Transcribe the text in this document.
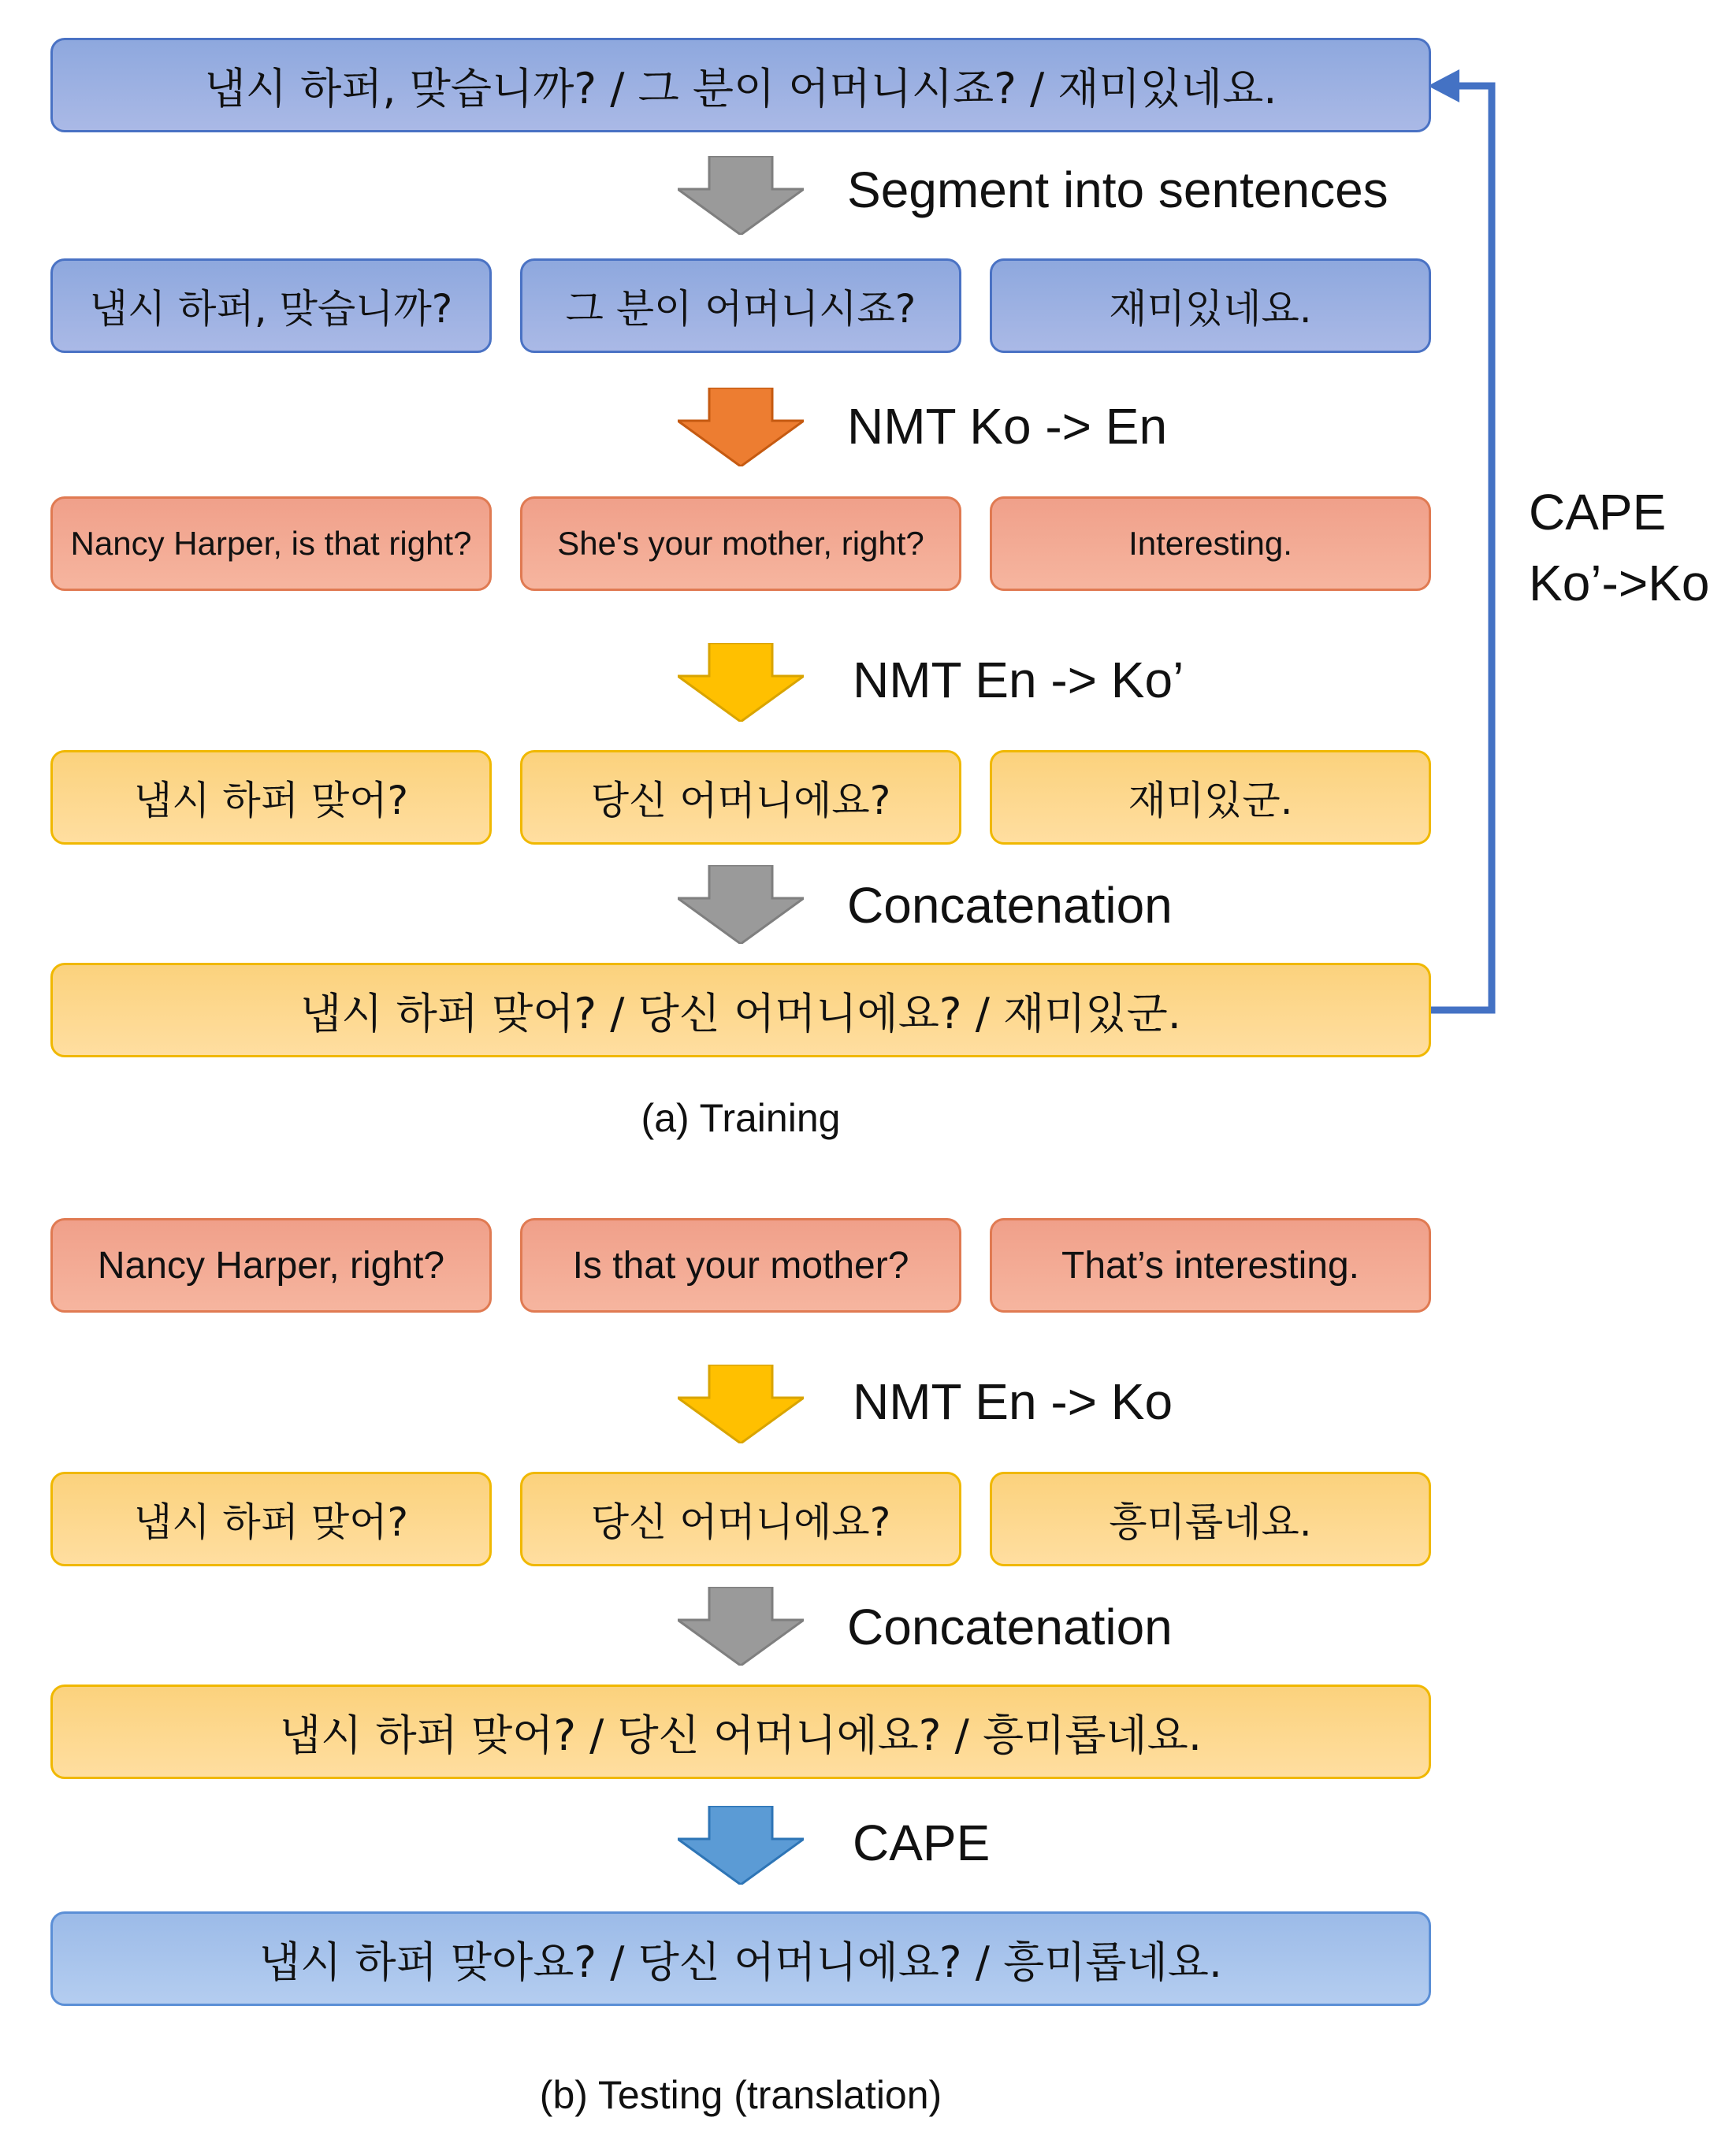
냅시 하퍼, 맞습니까? / 그 분이 어머니시죠? / 재미있네요.
Segment into sentences
냅시 하퍼, 맞습니까?	그 분이 어머니시죠?	재미있네요.
NMT Ko -> En
Nancy Harper, is that right?	She's your mother, right?	Interesting.
NMT En -> Ko’
냅시 하퍼 맞어?	당신 어머니에요?	재미있군.
Concatenation
냅시 하퍼 맞어? / 당신 어머니에요? / 재미있군.
CAPE
Ko’->Ko
(a) Training
Nancy Harper, right?	Is that your mother?	That’s interesting.
NMT En -> Ko
냅시 하퍼 맞어?	당신 어머니에요?	흥미롭네요.
Concatenation
냅시 하퍼 맞어? / 당신 어머니에요? / 흥미롭네요.
CAPE
냅시 하퍼 맞아요? / 당신 어머니에요? / 흥미롭네요.
(b) Testing (translation)
